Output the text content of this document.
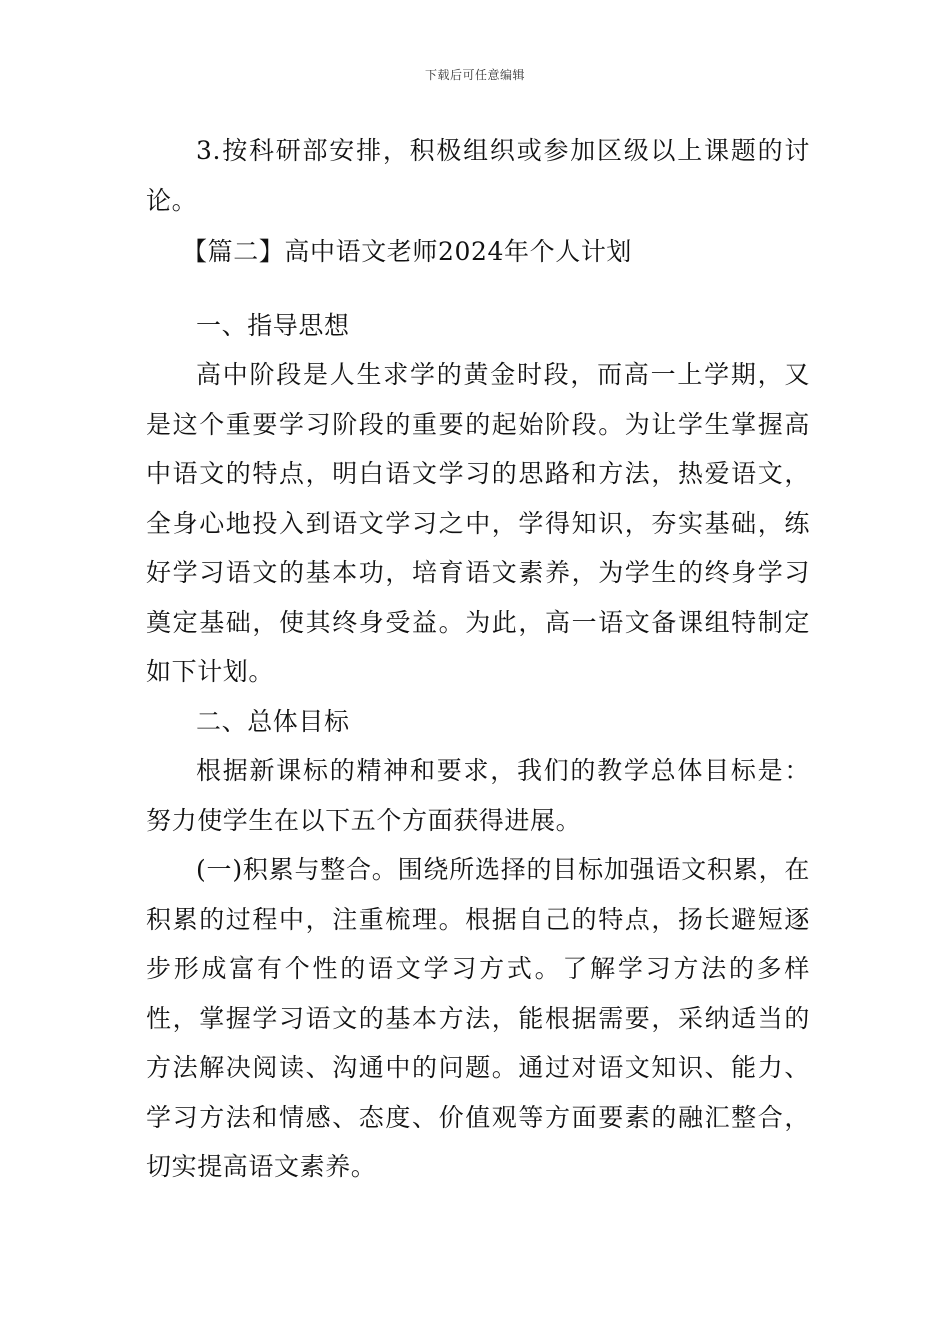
下载后可任意编辑

3.按科研部安排，积极组织或参加区级以上课题的讨论。

【篇二】高中语文老师2024年个人计划

一、指导思想

高中阶段是人生求学的黄金时段，而高一上学期，又是这个重要学习阶段的重要的起始阶段。为让学生掌握高中语文的特点，明白语文学习的思路和方法，热爱语文，全身心地投入到语文学习之中，学得知识，夯实基础，练好学习语文的基本功，培育语文素养，为学生的终身学习奠定基础，使其终身受益。为此，高一语文备课组特制定如下计划。

二、总体目标

根据新课标的精神和要求，我们的教学总体目标是：努力使学生在以下五个方面获得进展。

(一)积累与整合。围绕所选择的目标加强语文积累，在积累的过程中，注重梳理。根据自己的特点，扬长避短逐步形成富有个性的语文学习方式。了解学习方法的多样性，掌握学习语文的基本方法，能根据需要，采纳适当的方法解决阅读、沟通中的问题。通过对语文知识、能力、学习方法和情感、态度、价值观等方面要素的融汇整合，切实提高语文素养。
